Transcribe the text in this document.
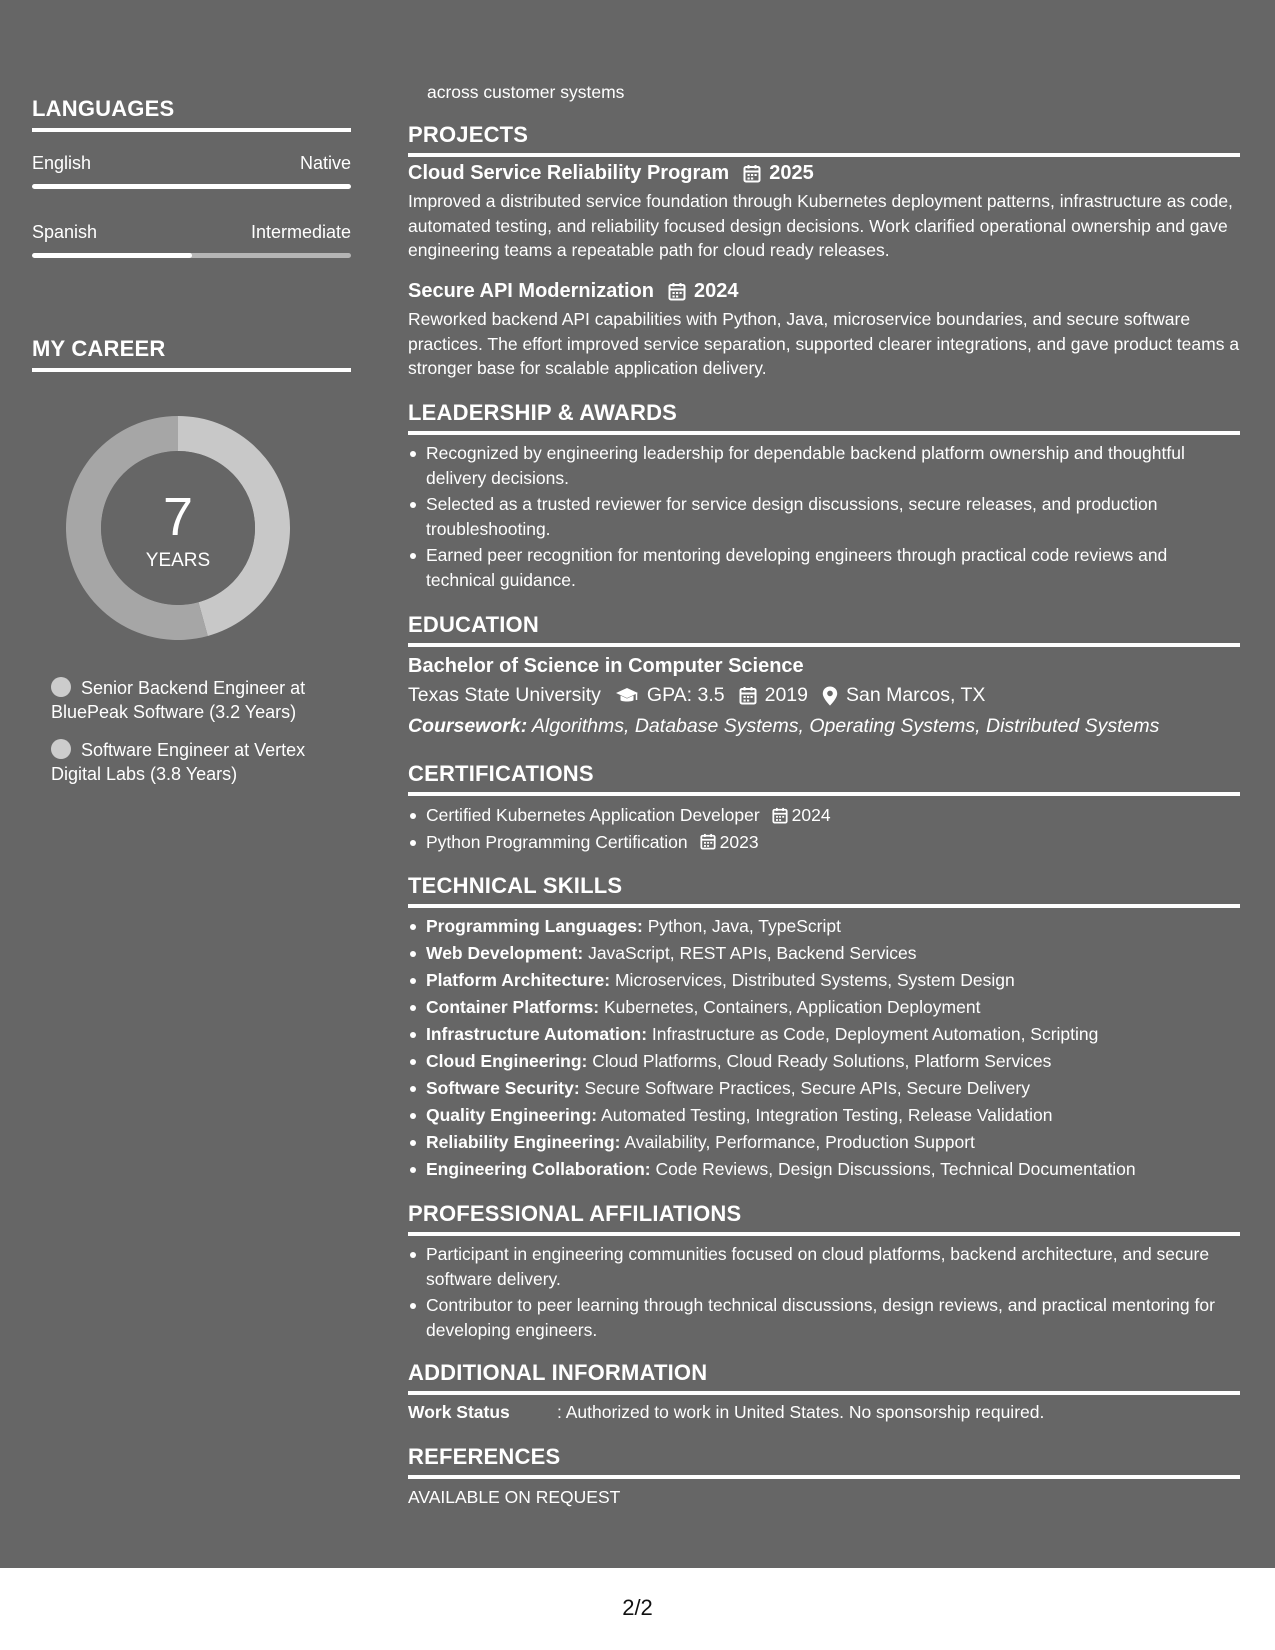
LANGUAGES
English	Native
Spanish	Intermediate
MY CAREER
7
YEARS
Senior Backend Engineer at BluePeak Software (3.2 Years)
Software Engineer at Vertex Digital Labs (3.8 Years)
across customer systems
PROJECTS
Cloud Service Reliability Program 2025
Improved a distributed service foundation through Kubernetes deployment patterns, infrastructure as code, automated testing, and reliability focused design decisions. Work clarified operational ownership and gave engineering teams a repeatable path for cloud ready releases.
Secure API Modernization 2024
Reworked backend API capabilities with Python, Java, microservice boundaries, and secure software practices. The effort improved service separation, supported clearer integrations, and gave product teams a stronger base for scalable application delivery.
LEADERSHIP & AWARDS
Recognized by engineering leadership for dependable backend platform ownership and thoughtful delivery decisions.
Selected as a trusted reviewer for service design discussions, secure releases, and production troubleshooting.
Earned peer recognition for mentoring developing engineers through practical code reviews and technical guidance.
EDUCATION
Bachelor of Science in Computer Science
Texas State University GPA: 3.5 2019 San Marcos, TX
Coursework: Algorithms, Database Systems, Operating Systems, Distributed Systems
CERTIFICATIONS
Certified Kubernetes Application Developer 2024
Python Programming Certification 2023
TECHNICAL SKILLS
Programming Languages: Python, Java, TypeScript
Web Development: JavaScript, REST APIs, Backend Services
Platform Architecture: Microservices, Distributed Systems, System Design
Container Platforms: Kubernetes, Containers, Application Deployment
Infrastructure Automation: Infrastructure as Code, Deployment Automation, Scripting
Cloud Engineering: Cloud Platforms, Cloud Ready Solutions, Platform Services
Software Security: Secure Software Practices, Secure APIs, Secure Delivery
Quality Engineering: Automated Testing, Integration Testing, Release Validation
Reliability Engineering: Availability, Performance, Production Support
Engineering Collaboration: Code Reviews, Design Discussions, Technical Documentation
PROFESSIONAL AFFILIATIONS
Participant in engineering communities focused on cloud platforms, backend architecture, and secure software delivery.
Contributor to peer learning through technical discussions, design reviews, and practical mentoring for developing engineers.
ADDITIONAL INFORMATION
Work Status	: Authorized to work in United States. No sponsorship required.
REFERENCES
AVAILABLE ON REQUEST
2/2
